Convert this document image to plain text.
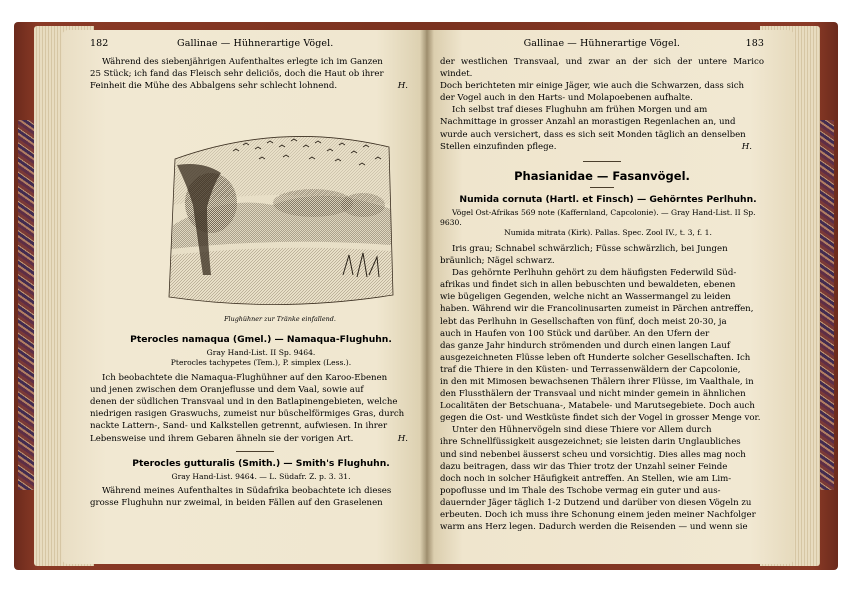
182	Gallinae — Hühnerartige Vögel.
Während des siebenjährigen Aufenthaltes erlegte ich im Ganzen
25 Stück; ich fand das Fleisch sehr deliciös, doch die Haut ob ihrer
Feinheit die Mühe des Abbalgens sehr schlecht lohnend.	H.
Flughühner zur Tränke einfallend.

Pterocles namaqua (Gmel.) — Namaqua-Flughuhn.

Gray Hand-List. II Sp. 9464.

Pterocles tachypetes (Tem.), P. simplex (Less.).

Ich beobachtete die Namaqua-Flughühner auf den Karoo-Ebenen
und jenen zwischen dem Oranjeflusse und dem Vaal, sowie auf
denen der südlichen Transvaal und in den Batlapinengebieten, welche
niedrigen rasigen Graswuchs, zumeist nur büschelförmiges Gras, durch
nackte Lattern-, Sand- und Kalkstellen getrennt, aufwiesen. In ihrer
Lebensweise und ihrem Gebaren ähneln sie der vorigen Art.	H.

Pterocles gutturalis (Smith.) — Smith's Flughuhn.

Gray Hand-List. 9464. — L. Südafr. Z. p. 3. 31.

Während meines Aufenthaltes in Südafrika beobachtete ich dieses
grosse Flughuhn nur zweimal, in beiden Fällen auf den Graselenen
Gallinae — Hühnerartige Vögel.	183
der westlichen Transvaal, und zwar an der sich der untere Marico windet.
Doch berichteten mir einige Jäger, wie auch die Schwarzen, dass sich
der Vogel auch in den Harts- und Molapoebenen aufhalte.
Ich selbst traf dieses Flughuhn am frühen Morgen und am
Nachmittage in grosser Anzahl an morastigen Regenlachen an, und
wurde auch versichert, dass es sich seit Monden täglich an denselben
Stellen einzufinden pflege.	H.
Phasianidae — Fasanvögel.

Numida cornuta (Hartl. et Finsch) — Gehörntes Perlhuhn.

Vögel Ost-Afrikas 569 note (Kaffernland, Capcolonie). — Gray Hand-List. II Sp. 9630.

Numida mitrata (Kirk). Pallas. Spec. Zool IV., t. 3, f. 1.

Iris grau; Schnabel schwärzlich; Füsse schwärzlich, bei Jungen
bräunlich; Nägel schwarz.
Das gehörnte Perlhuhn gehört zu dem häufigsten Federwild Süd-
afrikas und findet sich in allen bebuschten und bewaldeten, ebenen
wie bügeligen Gegenden, welche nicht an Wassermangel zu leiden
haben. Während wir die Francolinusarten zumeist in Pärchen antreffen,
lebt das Perlhuhn in Gesellschaften von fünf, doch meist 20-30, ja
auch in Haufen von 100 Stück und darüber. An den Ufern der
das ganze Jahr hindurch strömenden und durch einen langen Lauf
ausgezeichneten Flüsse leben oft Hunderte solcher Gesellschaften. Ich
traf die Thiere in den Küsten- und Terrassenwäldern der Capcolonie,
in den mit Mimosen bewachsenen Thälern ihrer Flüsse, im Vaalthale, in
den Flussthälern der Transvaal und nicht minder gemein in ähnlichen
Localitäten der Betschuana-, Matabele- und Marutsegebiete. Doch auch
gegen die Ost- und Westküste findet sich der Vogel in grosser Menge vor.
Unter den Hühnervögeln sind diese Thiere vor Allem durch
ihre Schnellfüssigkeit ausgezeichnet; sie leisten darin Unglaubliches
und sind nebenbei äusserst scheu und vorsichtig. Dies alles mag noch
dazu beitragen, dass wir das Thier trotz der Unzahl seiner Feinde
doch noch in solcher Häufigkeit antreffen. An Stellen, wie am Lim-
popoflusse und im Thale des Tschobe vermag ein guter und aus-
dauernder Jäger täglich 1-2 Dutzend und darüber von diesen Vögeln zu
erbeuten. Doch ich muss ihre Schonung einem jeden meiner Nachfolger
warm ans Herz legen. Dadurch werden die Reisenden — und wenn sie
